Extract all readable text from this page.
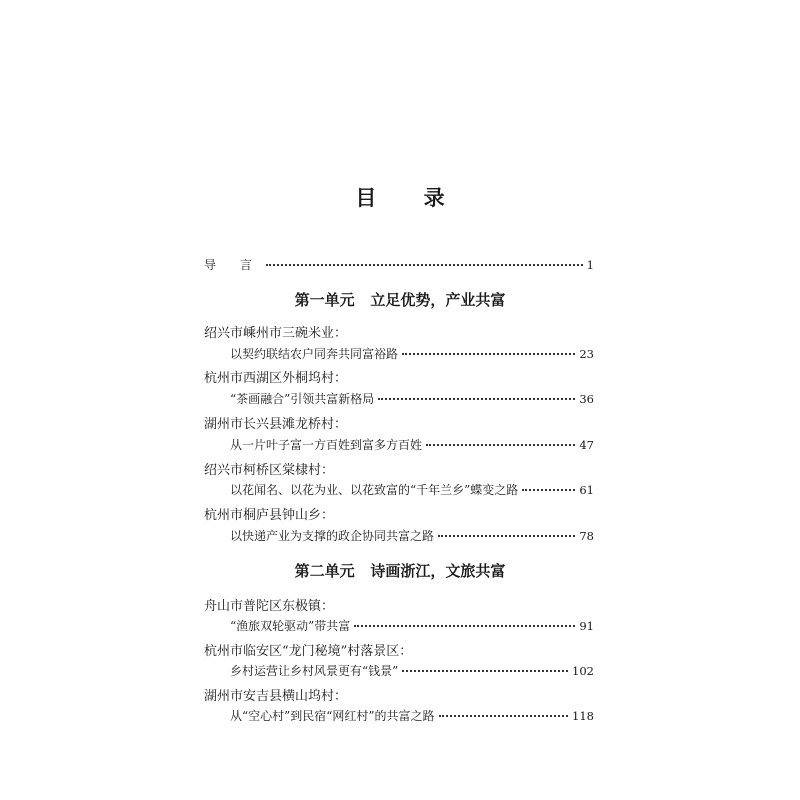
目 录
导 言	1
第一单元   立足优势，产业共富
绍兴市嵊州市三碗米业：
以契约联结农户同奔共同富裕路	23
杭州市西湖区外桐坞村：
“茶画融合”引领共富新格局	36
湖州市长兴县滩龙桥村：
从一片叶子富一方百姓到富多方百姓	47
绍兴市柯桥区棠棣村：
以花闻名、以花为业、以花致富的“千年兰乡”蝶变之路	61
杭州市桐庐县钟山乡：
以快递产业为支撑的政企协同共富之路	78
第二单元   诗画浙江，文旅共富
舟山市普陀区东极镇：
“渔旅双轮驱动”带共富	91
杭州市临安区“龙门秘境”村落景区：
乡村运营让乡村风景更有“钱景”	102
湖州市安吉县横山坞村：
从“空心村”到民宿“网红村”的共富之路	118
